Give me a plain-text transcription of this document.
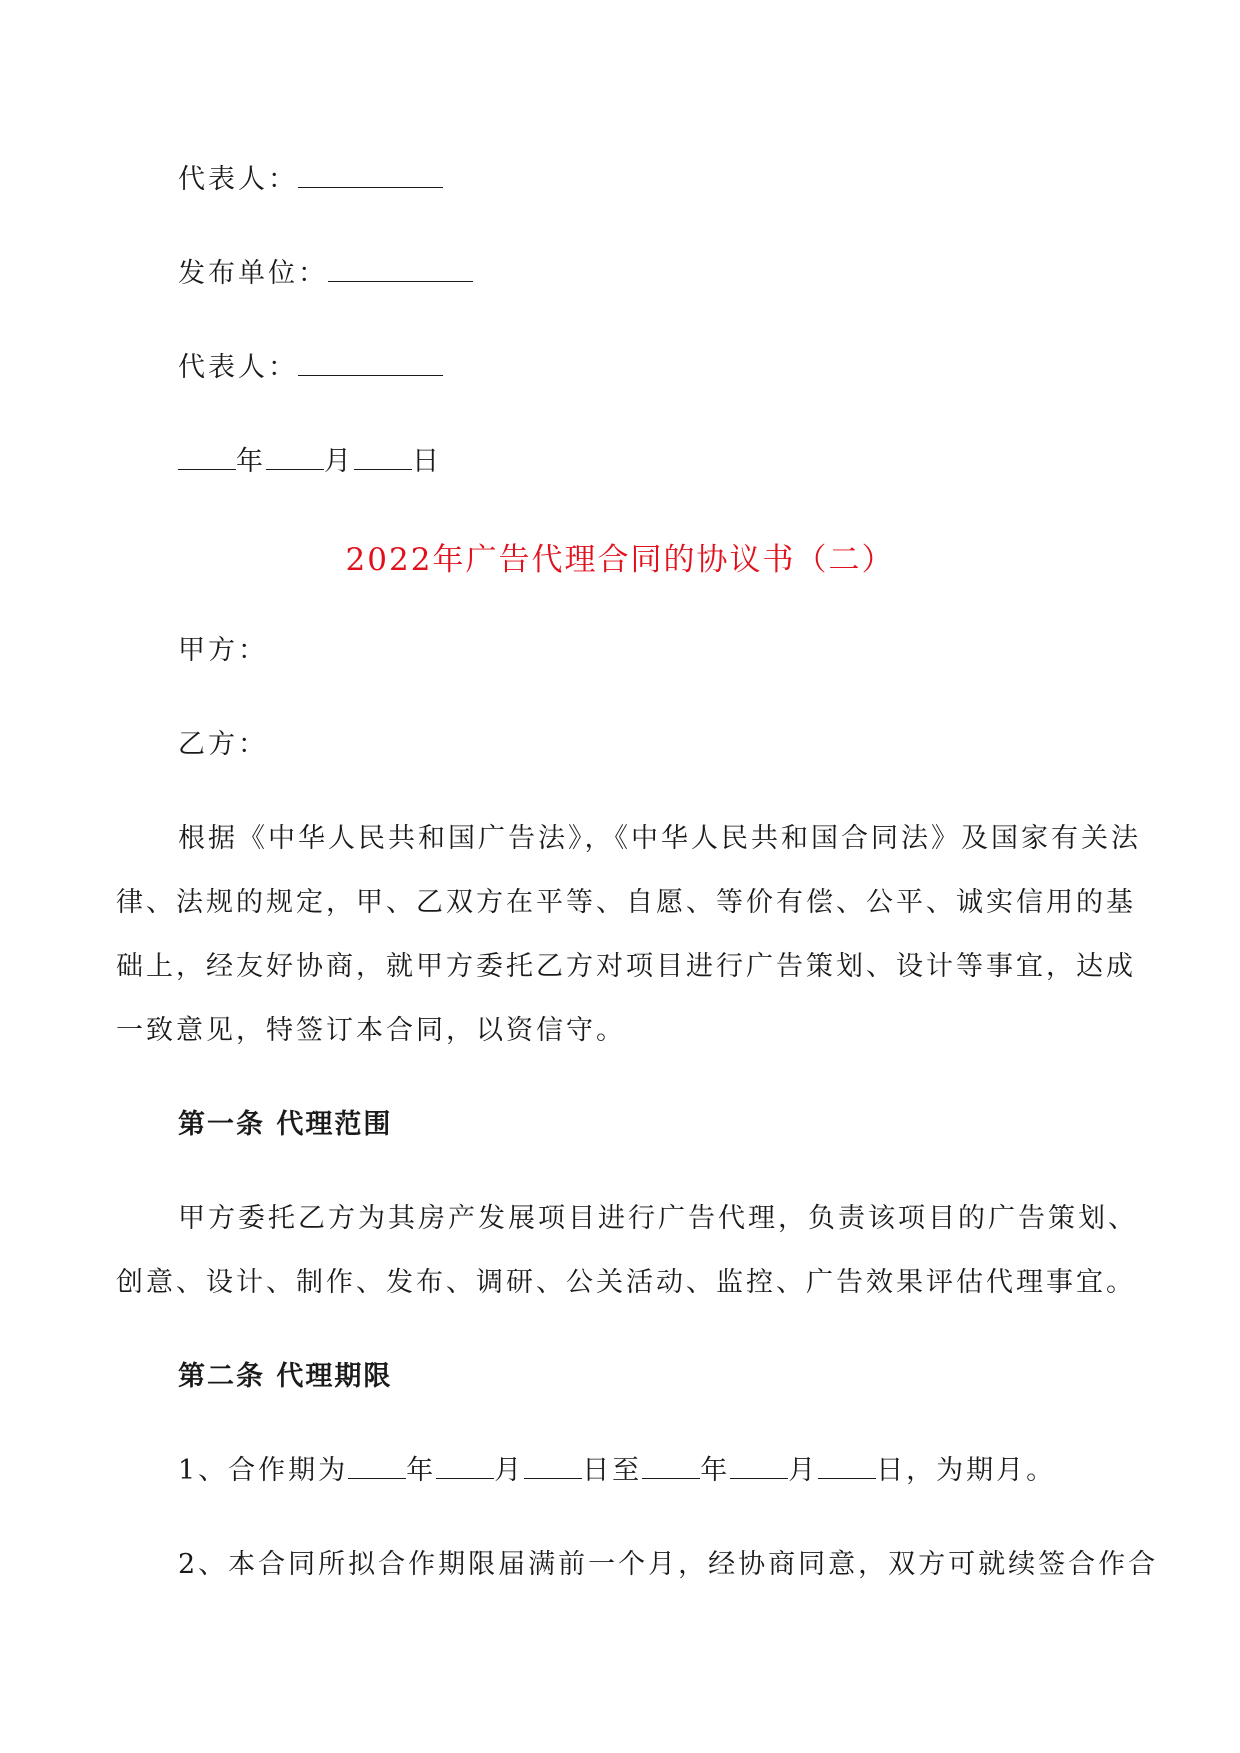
代表人：
发布单位：
代表人：
年 月 日
2022年广告代理合同的协议书（二）
甲方：
乙方：
根据《中华人民共和国广告法》，《中华人民共和国合同法》及国家有关法
律、法规的规定，甲、乙双方在平等、自愿、等价有偿、公平、诚实信用的基
础上，经友好协商，就甲方委托乙方对项目进行广告策划、设计等事宜，达成
一致意见，特签订本合同，以资信守。
第一条 代理范围
甲方委托乙方为其房产发展项目进行广告代理，负责该项目的广告策划、
创意、设计、制作、发布、调研、公关活动、监控、广告效果评估代理事宜。
第二条 代理期限
1、合作期为 年 月 日至 年 月 日，为期月。
2、本合同所拟合作期限届满前一个月，经协商同意，双方可就续签合作合
